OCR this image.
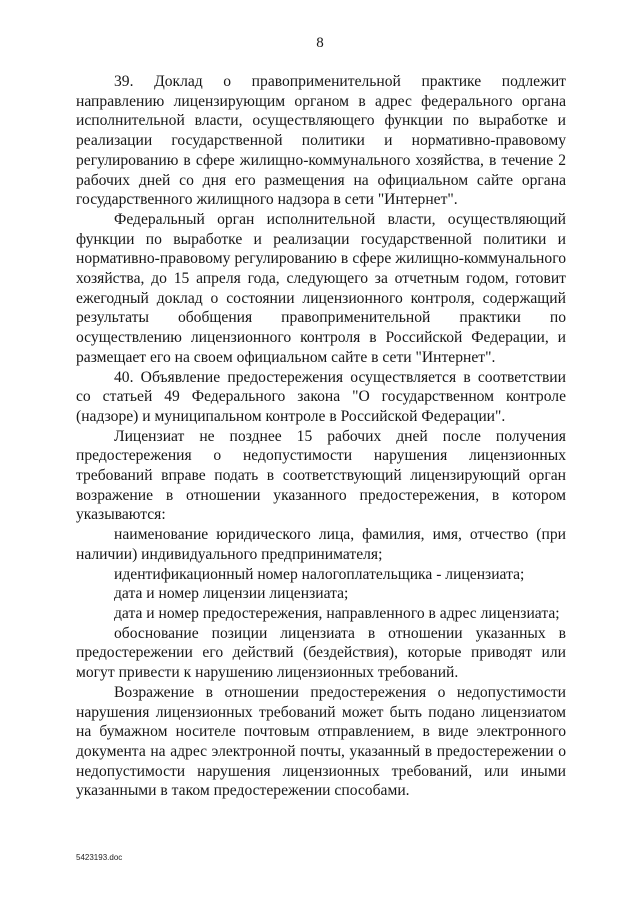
8

39. Доклад о правоприменительной практике подлежит направлению лицензирующим органом в адрес федерального органа исполнительной власти, осуществляющего функции по выработке и реализации государственной политики и нормативно-правовому регулированию в сфере жилищно-коммунального хозяйства, в течение 2 рабочих дней со дня его размещения на официальном сайте органа государственного жилищного надзора в сети "Интернет".

Федеральный орган исполнительной власти, осуществляющий функции по выработке и реализации государственной политики и нормативно-правовому регулированию в сфере жилищно-коммунального хозяйства, до 15 апреля года, следующего за отчетным годом, готовит ежегодный доклад о состоянии лицензионного контроля, содержащий результаты обобщения правоприменительной практики по осуществлению лицензионного контроля в Российской Федерации, и размещает его на своем официальном сайте в сети "Интернет".

40. Объявление предостережения осуществляется в соответствии со статьей 49 Федерального закона "О государственном контроле (надзоре) и муниципальном контроле в Российской Федерации".

Лицензиат не позднее 15 рабочих дней после получения предостережения о недопустимости нарушения лицензионных требований вправе подать в соответствующий лицензирующий орган возражение в отношении указанного предостережения, в котором указываются:

наименование юридического лица, фамилия, имя, отчество (при наличии) индивидуального предпринимателя;

идентификационный номер налогоплательщика - лицензиата;

дата и номер лицензии лицензиата;

дата и номер предостережения, направленного в адрес лицензиата;

обоснование позиции лицензиата в отношении указанных в предостережении его действий (бездействия), которые приводят или могут привести к нарушению лицензионных требований.

Возражение в отношении предостережения о недопустимости нарушения лицензионных требований может быть подано лицензиатом на бумажном носителе почтовым отправлением, в виде электронного документа на адрес электронной почты, указанный в предостережении о недопустимости нарушения лицензионных требований, или иными указанными в таком предостережении способами.

5423193.doc
